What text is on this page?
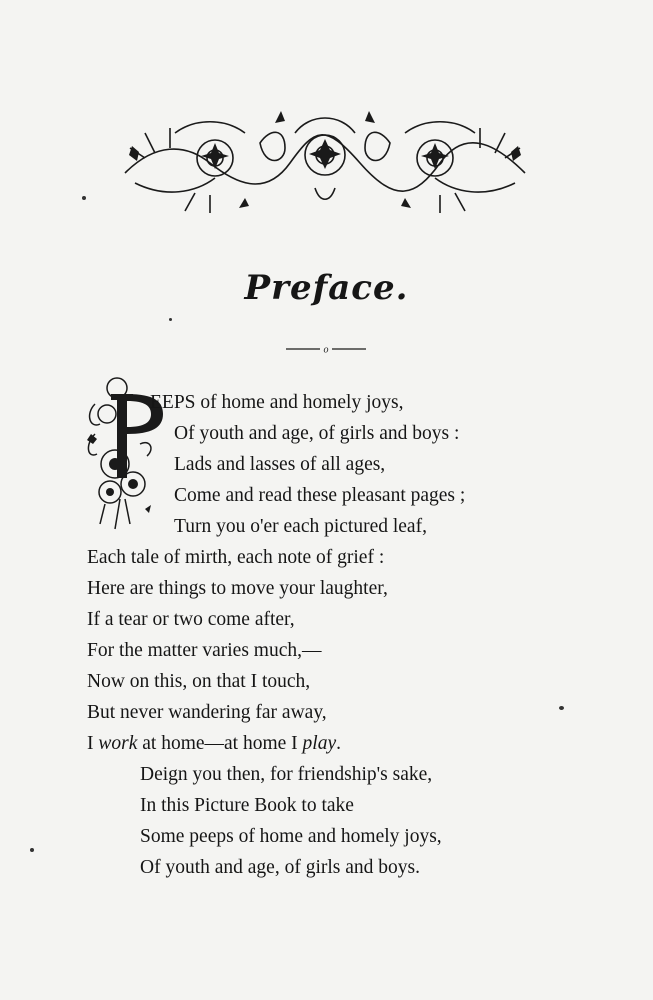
Preface.
o
EEPS of home and homely joys,
Of youth and age, of girls and boys :
Lads and lasses of all ages,
Come and read these pleasant pages ;
Turn you o'er each pictured leaf,
Each tale of mirth, each note of grief :
Here are things to move your laughter,
If a tear or two come after,
For the matter varies much,—
Now on this, on that I touch,
But never wandering far away,
I work at home—at home I play.
Deign you then, for friendship's sake,
In this Picture Book to take
Some peeps of home and homely joys,
Of youth and age, of girls and boys.
